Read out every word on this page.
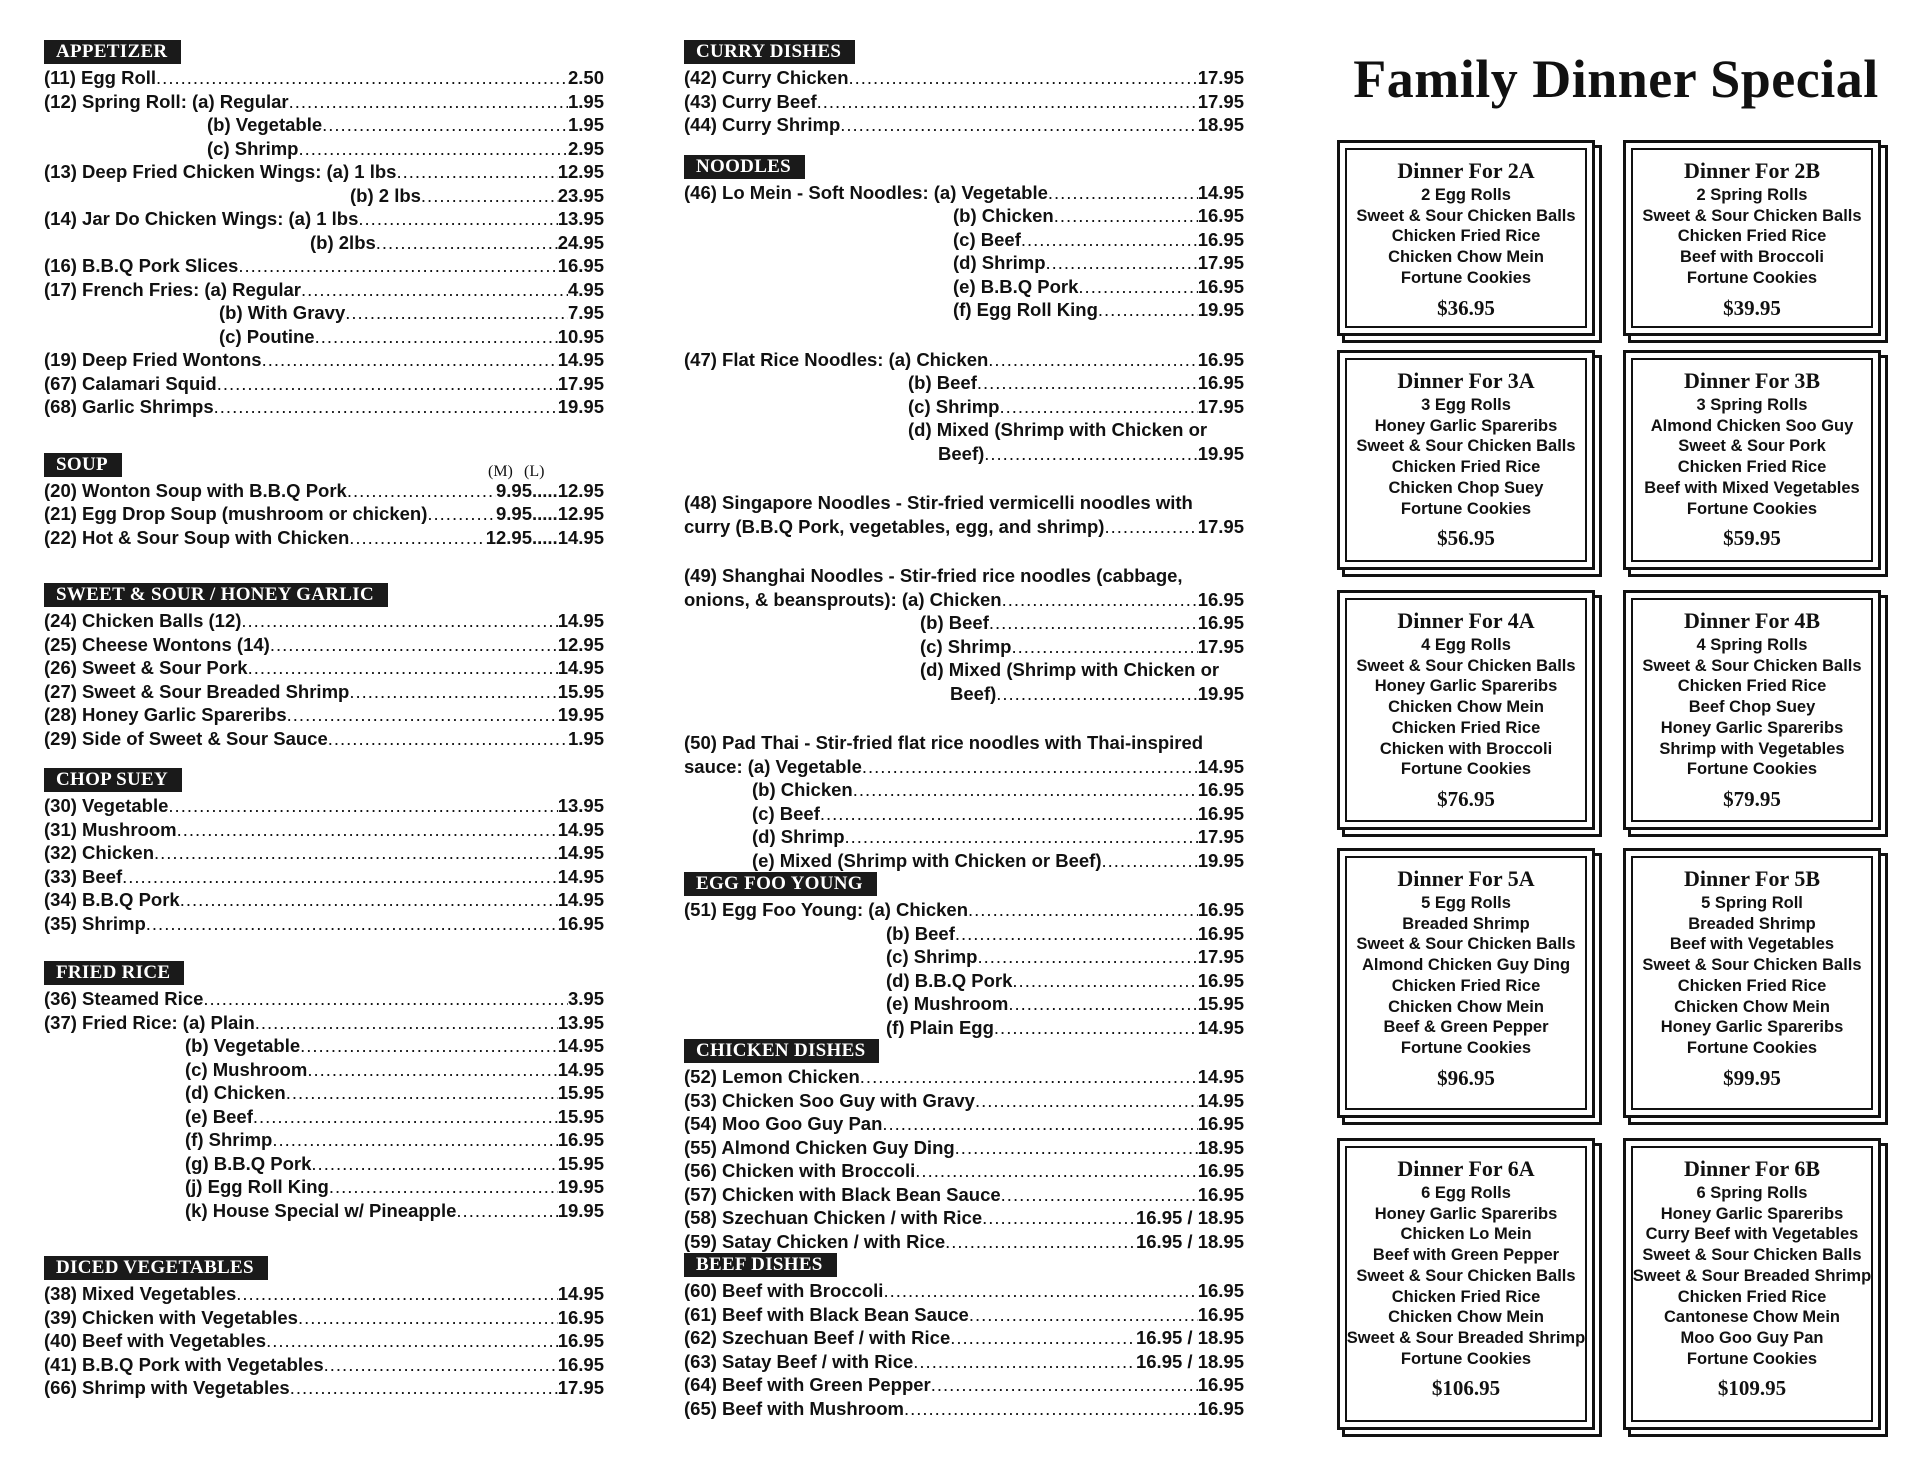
APPETIZER
(11) Egg Roll .....	2.50
(12) Spring Roll: (a) Regular .....	1.95
(b) Vegetable .....	1.95
(c) Shrimp .....	2.95
(13) Deep Fried Chicken Wings: (a) 1 lbs .....	12.95
(b) 2 lbs .....	23.95
(14) Jar Do Chicken Wings: (a) 1 lbs .....	13.95
(b) 2lbs .....	24.95
(16) B.B.Q Pork Slices .....	16.95
(17) French Fries: (a) Regular .....	4.95
(b) With Gravy .....	7.95
(c) Poutine .....	10.95
(19) Deep Fried Wontons .....	14.95
(67) Calamari Squid .....	17.95
(68) Garlic Shrimps .....	19.95
SOUP	(M) (L)
(20) Wonton Soup with B.B.Q Pork .....	9.95.....12.95
(21) Egg Drop Soup (mushroom or chicken) .....	9.95.....12.95
(22) Hot & Sour Soup with Chicken .....	12.95.....14.95
SWEET & SOUR / HONEY GARLIC
(24) Chicken Balls (12) .....	14.95
(25) Cheese Wontons (14) .....	12.95
(26) Sweet & Sour Pork .....	14.95
(27) Sweet & Sour Breaded Shrimp .....	15.95
(28) Honey Garlic Spareribs .....	19.95
(29) Side of Sweet & Sour Sauce .....	1.95
CHOP SUEY
(30) Vegetable .....	13.95
(31) Mushroom .....	14.95
(32) Chicken .....	14.95
(33) Beef .....	14.95
(34) B.B.Q Pork .....	14.95
(35) Shrimp .....	16.95
FRIED RICE
(36) Steamed Rice .....	3.95
(37) Fried Rice: (a) Plain .....	13.95
(b) Vegetable .....	14.95
(c) Mushroom .....	14.95
(d) Chicken .....	15.95
(e) Beef .....	15.95
(f) Shrimp .....	16.95
(g) B.B.Q Pork .....	15.95
(j) Egg Roll King .....	19.95
(k) House Special w/ Pineapple .....	19.95
DICED VEGETABLES
(38) Mixed Vegetables .....	14.95
(39) Chicken with Vegetables .....	16.95
(40) Beef with Vegetables .....	16.95
(41) B.B.Q Pork with Vegetables .....	16.95
(66) Shrimp with Vegetables .....	17.95
CURRY DISHES
(42) Curry Chicken .....	17.95
(43) Curry Beef .....	17.95
(44) Curry Shrimp .....	18.95
NOODLES
(46) Lo Mein - Soft Noodles: (a) Vegetable .....	14.95
(b) Chicken .....	16.95
(c) Beef .....	16.95
(d) Shrimp .....	17.95
(e) B.B.Q Pork .....	16.95
(f) Egg Roll King .....	19.95
(47) Flat Rice Noodles: (a) Chicken .....	16.95
(b) Beef .....	16.95
(c) Shrimp .....	17.95
(d) Mixed (Shrimp with Chicken or
Beef) .....	19.95
(48) Singapore Noodles - Stir-fried vermicelli noodles with
curry (B.B.Q Pork, vegetables, egg, and shrimp) .....	17.95
(49) Shanghai Noodles - Stir-fried rice noodles (cabbage,
onions, & beansprouts): (a) Chicken .....	16.95
(b) Beef .....	16.95
(c) Shrimp .....	17.95
(d) Mixed (Shrimp with Chicken or
Beef) .....	19.95
(50) Pad Thai - Stir-fried flat rice noodles with Thai-inspired
sauce: (a) Vegetable .....	14.95
(b) Chicken .....	16.95
(c) Beef .....	16.95
(d) Shrimp .....	17.95
(e) Mixed (Shrimp with Chicken or Beef) .....	19.95
EGG FOO YOUNG
(51) Egg Foo Young: (a) Chicken .....	16.95
(b) Beef .....	16.95
(c) Shrimp .....	17.95
(d) B.B.Q Pork .....	16.95
(e) Mushroom .....	15.95
(f) Plain Egg .....	14.95
CHICKEN DISHES
(52) Lemon Chicken .....	14.95
(53) Chicken Soo Guy with Gravy .....	14.95
(54) Moo Goo Guy Pan .....	16.95
(55) Almond Chicken Guy Ding .....	18.95
(56) Chicken with Broccoli .....	16.95
(57) Chicken with Black Bean Sauce .....	16.95
(58) Szechuan Chicken / with Rice .....	16.95 / 18.95
(59) Satay Chicken / with Rice .....	16.95 / 18.95
BEEF DISHES
(60) Beef with Broccoli .....	16.95
(61) Beef with Black Bean Sauce .....	16.95
(62) Szechuan Beef / with Rice .....	16.95 / 18.95
(63) Satay Beef / with Rice .....	16.95 / 18.95
(64) Beef with Green Pepper .....	16.95
(65) Beef with Mushroom .....	16.95
Family Dinner Special
Dinner For 2A
2 Egg Rolls
Sweet & Sour Chicken Balls
Chicken Fried Rice
Chicken Chow Mein
Fortune Cookies
$36.95
Dinner For 2B
2 Spring Rolls
Sweet & Sour Chicken Balls
Chicken Fried Rice
Beef with Broccoli
Fortune Cookies
$39.95
Dinner For 3A
3 Egg Rolls
Honey Garlic Spareribs
Sweet & Sour Chicken Balls
Chicken Fried Rice
Chicken Chop Suey
Fortune Cookies
$56.95
Dinner For 3B
3 Spring Rolls
Almond Chicken Soo Guy
Sweet & Sour Pork
Chicken Fried Rice
Beef with Mixed Vegetables
Fortune Cookies
$59.95
Dinner For 4A
4 Egg Rolls
Sweet & Sour Chicken Balls
Honey Garlic Spareribs
Chicken Chow Mein
Chicken Fried Rice
Chicken with Broccoli
Fortune Cookies
$76.95
Dinner For 4B
4 Spring Rolls
Sweet & Sour Chicken Balls
Chicken Fried Rice
Beef Chop Suey
Honey Garlic Spareribs
Shrimp with Vegetables
Fortune Cookies
$79.95
Dinner For 5A
5 Egg Rolls
Breaded Shrimp
Sweet & Sour Chicken Balls
Almond Chicken Guy Ding
Chicken Fried Rice
Chicken Chow Mein
Beef & Green Pepper
Fortune Cookies
$96.95
Dinner For 5B
5 Spring Roll
Breaded Shrimp
Beef with Vegetables
Sweet & Sour Chicken Balls
Chicken Fried Rice
Chicken Chow Mein
Honey Garlic Spareribs
Fortune Cookies
$99.95
Dinner For 6A
6 Egg Rolls
Honey Garlic Spareribs
Chicken Lo Mein
Beef with Green Pepper
Sweet & Sour Chicken Balls
Chicken Fried Rice
Chicken Chow Mein
Sweet & Sour Breaded Shrimp
Fortune Cookies
$106.95
Dinner For 6B
6 Spring Rolls
Honey Garlic Spareribs
Curry Beef with Vegetables
Sweet & Sour Chicken Balls
Sweet & Sour Breaded Shrimp
Chicken Fried Rice
Cantonese Chow Mein
Moo Goo Guy Pan
Fortune Cookies
$109.95
